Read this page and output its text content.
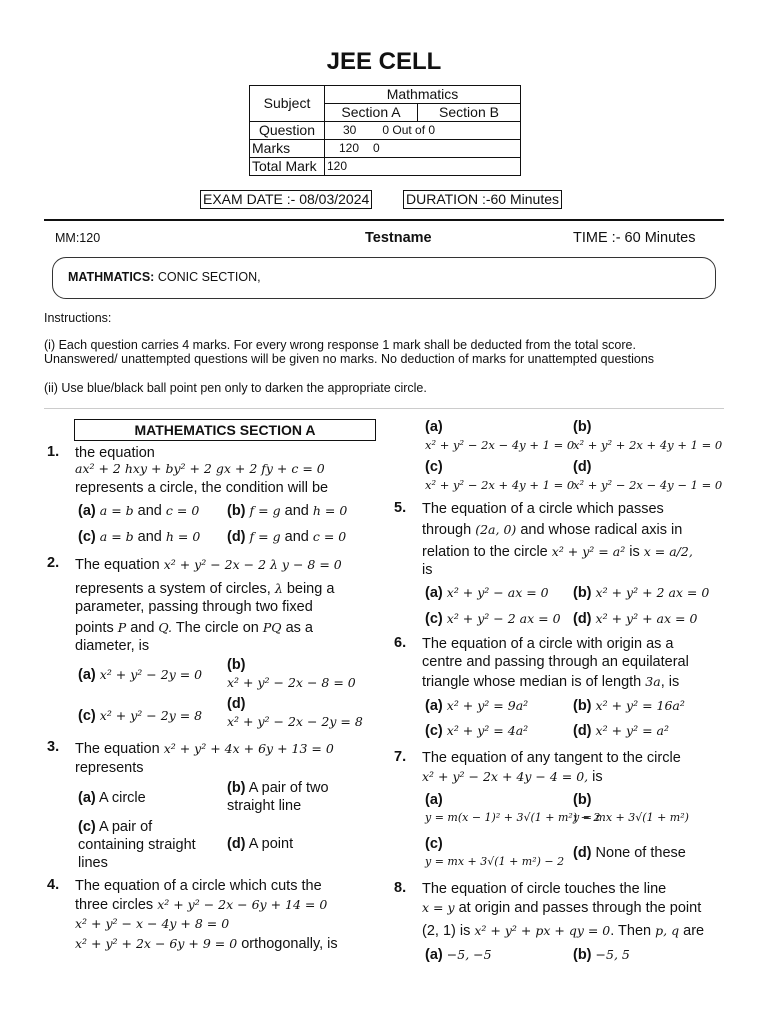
JEE CELL
Subject	Mathmatics	
	Section A	Section B
Question	30 0 Out of 0	
Marks	120 0	
Total Mark	120	
EXAM DATE :- 08/03/2024	DURATION :-60 Minutes
MM:120	Testname	TIME :- 60 Minutes
MATHMATICS: CONIC SECTION,
Instructions:
(i) Each question carries 4 marks. For every wrong response 1 mark shall be deducted from the total score.
Unanswered/ unattempted questions will be given no marks. No deduction of marks for unattempted questions
(ii) Use blue/black ball point pen only to darken the appropriate circle.
MATHEMATICS SECTION A
1. the equation
ax² + 2 hxy + by² + 2 gx + 2 fy + c = 0
represents a circle, the condition will be
(a) a = b and c = 0 (b) f = g and h = 0
(c) a = b and h = 0 (d) f = g and c = 0
2. The equation x² + y² − 2x − 2 λ y − 8 = 0
represents a system of circles, λ being a
parameter, passing through two fixed
points P and Q. The circle on PQ as a
diameter, is
(a) x² + y² − 2y = 0
(b)
x² + y² − 2x − 8 = 0
(c) x² + y² − 2y = 8
(d)
x² + y² − 2x − 2y = 8
3. The equation x² + y² + 4x + 6y + 13 = 0
represents
(a) A circle
(b) A pair of two
straight line
(c) A pair of
containing straight
lines
(d) A point
4. The equation of a circle which cuts the
three circles x² + y² − 2x − 6y + 14 = 0
x² + y² − x − 4y + 8 = 0
x² + y² + 2x − 6y + 9 = 0 orthogonally, is
(a)
x² + y² − 2x − 4y + 1 = 0
(b)
x² + y² + 2x + 4y + 1 = 0
(c)
x² + y² − 2x + 4y + 1 = 0
(d)
x² + y² − 2x − 4y − 1 = 0
5. The equation of a circle which passes
through (2a, 0) and whose radical axis in
relation to the circle x² + y² = a² is x = a/2,
is
(a) x² + y² − ax = 0 (b) x² + y² + 2 ax = 0
(c) x² + y² − 2 ax = 0 (d) x² + y² + ax = 0
6. The equation of a circle with origin as a
centre and passing through an equilateral
triangle whose median is of length 3a, is
(a) x² + y² = 9a²	(b) x² + y² = 16a²
(c) x² + y² = 4a²	(d) x² + y² = a²
7. The equation of any tangent to the circle
x² + y² − 2x + 4y − 4 = 0, is
(a)
y = m(x − 1)² + 3√(1 + m²) − 2
(b)
y = mx + 3√(1 + m²)
(c)
y = mx + 3√(1 + m²) − 2
(d) None of these
8. The equation of circle touches the line
x = y at origin and passes through the point
(2, 1) is x² + y² + px + qy = 0. Then p, q are
(a) −5, −5	(b) −5, 5
